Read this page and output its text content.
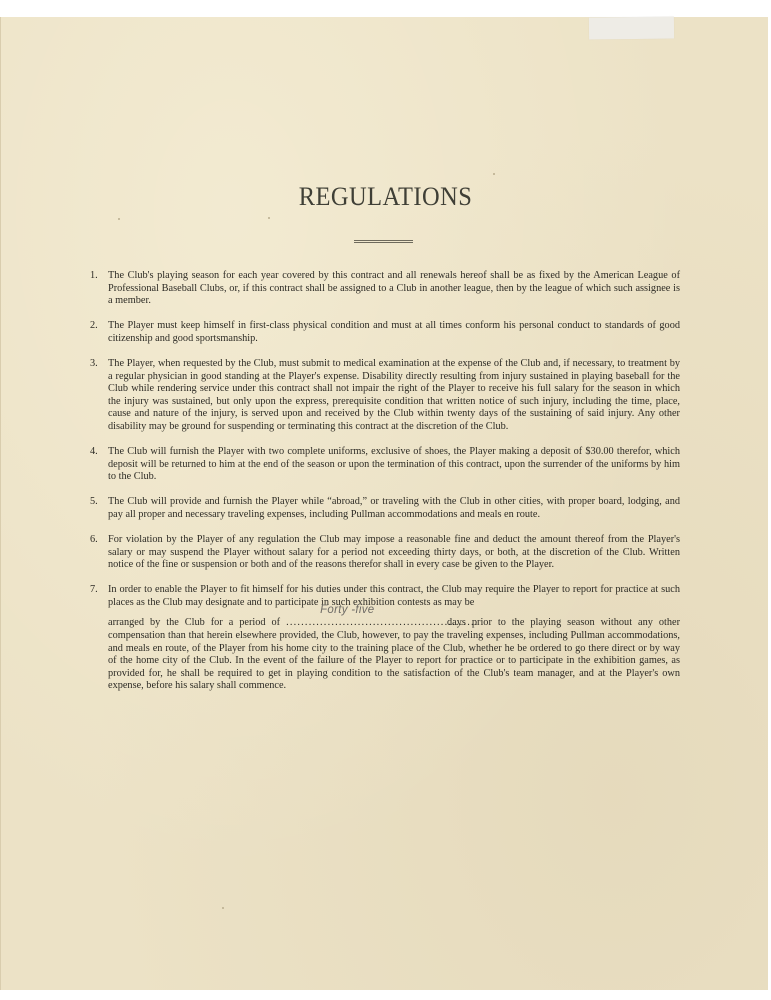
REGULATIONS
1. The Club's playing season for each year covered by this contract and all renewals hereof shall be as fixed by the American League of Professional Baseball Clubs, or, if this contract shall be assigned to a Club in another league, then by the league of which such assignee is a member.
2. The Player must keep himself in first-class physical condition and must at all times conform his personal conduct to standards of good citizenship and good sportsmanship.
3. The Player, when requested by the Club, must submit to medical examination at the expense of the Club and, if necessary, to treatment by a regular physician in good standing at the Player's expense. Disability directly resulting from injury sustained in playing baseball for the Club while rendering service under this contract shall not impair the right of the Player to receive his full salary for the season in which the injury was sustained, but only upon the express, prerequisite condition that written notice of such injury, including the time, place, cause and nature of the injury, is served upon and received by the Club within twenty days of the sustaining of said injury. Any other disability may be ground for suspending or terminating this contract at the discretion of the Club.
4. The Club will furnish the Player with two complete uniforms, exclusive of shoes, the Player making a deposit of $30.00 therefor, which deposit will be returned to him at the end of the season or upon the termination of this contract, upon the surrender of the uniforms by him to the Club.
5. The Club will provide and furnish the Player while “abroad,” or traveling with the Club in other cities, with proper board, lodging, and pay all proper and necessary traveling expenses, including Pullman accommodations and meals en route.
6. For violation by the Player of any regulation the Club may impose a reasonable fine and deduct the amount thereof from the Player's salary or may suspend the Player without salary for a period not exceeding thirty days, or both, at the discretion of the Club. Written notice of the fine or suspension or both and of the reasons therefor shall in every case be given to the Player.
7. In order to enable the Player to fit himself for his duties under this contract, the Club may require the Player to report for practice at such places as the Club may designate and to participate in such exhibition contests as may be
arranged by the Club for a period of ...................................................
Forty -five
days prior to the playing season without any other compensation than that herein elsewhere provided, the Club, however, to pay the traveling expenses, including Pullman accommodations, and meals en route, of the Player from his home city to the training place of the Club, whether he be ordered to go there direct or by way of the home city of the Club. In the event of the failure of the Player to report for practice or to participate in the exhibition games, as provided for, he shall be required to get in playing condition to the satisfaction of the Club's team manager, and at the Player's own expense, before his salary shall commence.
